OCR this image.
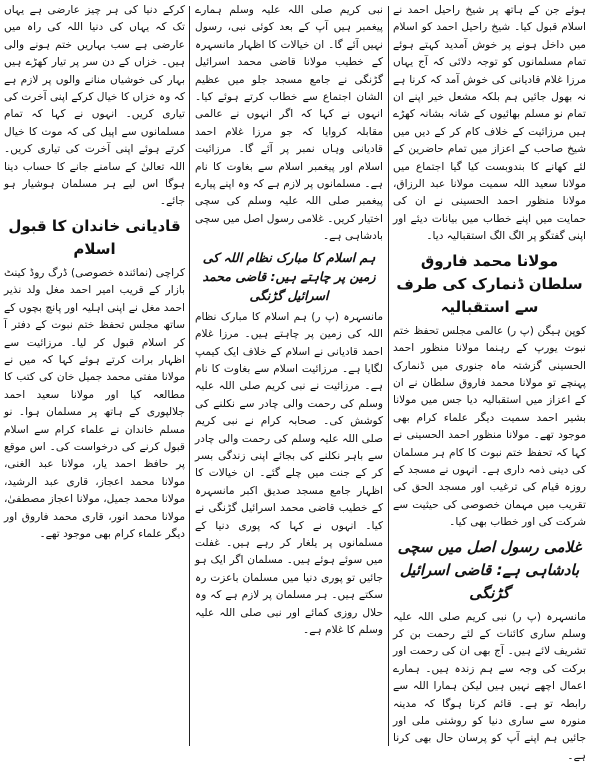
ہوئے جن کے ہاتھ پر شیخ راحیل احمد نے اسلام قبول کیا۔ شیخ راحیل احمد کو اسلام میں داخل ہونے پر خوش آمدید کہتے ہوئے تمام مسلمانوں کو توجہ دلائی کہ آج یہاں مرزا غلام قادیانی کی خوش آمد کہ کرنا ہے نہ بھول جائیں ہم بلکہ مشعل خیر اپنے ان تمام نو مسلم بھائیوں کے شانہ بشانہ کھڑے ہیں مرزائیت کے خلاف کام کر کے دیں میں شیخ صاحب کے اعزاز میں تمام حاضرین کے لئے کھانے کا بندوبست کیا گیا اجتماع میں مولانا سعید اللہ سمیت مولانا عبد الرزاق، مولانا منظور احمد الحسینی نے ان کی حمایت میں اپنے خطاب میں بیانات دیئے اور اپنی گفتگو پر الگ الگ استقبالیہ دیا۔

مولانا محمد فاروق سلطان ڈنمارک کی طرف سے استقبالیہ

کوپن ہیگن (پ ر) عالمی مجلس تحفظ ختم نبوت یورپ کے رہنما مولانا منظور احمد الحسینی گزشتہ ماہ جنوری میں ڈنمارک پہنچے تو مولانا محمد فاروق سلطان نے ان کے اعزاز میں استقبالیہ دیا جس میں مولانا بشیر احمد سمیت دیگر علماء کرام بھی موجود تھے۔ مولانا منظور احمد الحسینی نے کہا کہ تحفظ ختم نبوت کا کام ہر مسلمان کی دینی ذمہ داری ہے۔ انہوں نے مسجد کے روزہ قیام کی ترغیب اور مسجد الحق کی تقریب میں مہمان خصوصی کی حیثیت سے شرکت کی اور خطاب بھی کیا۔

غلامی رسول اصل میں سچی بادشاہی ہے: قاضی اسرائیل گڑنگی

مانسہرہ (پ ر) نبی کریم صلی اللہ علیہ وسلم ساری کائنات کے لئے رحمت بن کر تشریف لائے ہیں۔ آج بھی ان کی رحمت اور برکت کی وجہ سے ہم زندہ ہیں۔ ہمارے اعمال اچھے نہیں ہیں لیکن ہمارا اللہ سے رابطہ تو ہے۔ قائم کرنا ہوگا کہ مدینہ منورہ سے ساری دنیا کو روشنی ملی اور جائیں ہم اپنے آپ کو پرسان حال بھی کرنا ہے۔

نبی کریم صلی اللہ علیہ وسلم ہمارے پیغمبر ہیں آپ کے بعد کوئی نبی، رسول نہیں آئے گا۔ ان خیالات کا اظہار مانسہرہ کے خطیب مولانا قاضی محمد اسرائیل گڑنگی نے جامع مسجد جلو میں عظیم الشان اجتماع سے خطاب کرتے ہوئے کیا۔ انہوں نے کہا کہ اگر انہوں نے عالمی مقابلہ کروایا کہ جو مرزا غلام احمد قادیانی وہاں نمبر پر آئے گا۔ مرزائیت اسلام اور پیغمبر اسلام سے بغاوت کا نام ہے۔ مسلمانوں پر لازم ہے کہ وہ اپنے پیارے پیغمبر صلی اللہ علیہ وسلم کی سچی اختیار کریں۔ غلامی رسول اصل میں سچی بادشاہی ہے۔

ہم اسلام کا مبارک نظام اللہ کی زمین پر چاہتے ہیں: قاضی محمد اسرائیل گڑنگی

مانسہرہ (پ ر) ہم اسلام کا مبارک نظام اللہ کی زمین پر چاہتے ہیں۔ مرزا غلام احمد قادیانی نے اسلام کے خلاف ایک کیمپ لگایا ہے۔ مرزائیت اسلام سے بغاوت کا نام ہے۔ مرزائیت نے نبی کریم صلی اللہ علیہ وسلم کی رحمت والی چادر سے نکلنے کی کوشش کی۔ صحابہ کرام نے نبی کریم صلی اللہ علیہ وسلم کی رحمت والی چادر سے باہر نکلنے کی بجائے اپنی زندگی بسر کر کے جنت میں چلے گئے۔ ان خیالات کا اظہار جامع مسجد صدیق اکبر مانسہرہ کے خطیب قاضی محمد اسرائیل گڑنگی نے کیا۔ انہوں نے کہا کہ پوری دنیا کے مسلمانوں پر یلغار کر رہے ہیں۔ غفلت میں سوئے ہوئے ہیں۔ مسلمان اگر ایک ہو جائیں تو پوری دنیا میں مسلمان باعزت رہ سکتے ہیں۔ ہر مسلمان پر لازم ہے کہ وہ حلال روزی کمائے اور نبی صلی اللہ علیہ وسلم کا غلام ہے۔

کرکے دنیا کی ہر چیز عارضی ہے یہاں تک کہ یہاں کی دنیا اللہ کی راہ میں عارضی ہے سب بہاریں ختم ہونے والی ہیں۔ خزاں کے دن سر پر تیار کھڑے ہیں بہار کی خوشیاں منانے والوں پر لازم ہے کہ وہ خزاں کا خیال کرکے اپنی آخرت کی تیاری کریں۔ انہوں نے کہا کہ تمام مسلمانوں سے اپیل کی کہ موت کا خیال کرتے ہوئے اپنی آخرت کی تیاری کریں۔ اللہ تعالیٰ کے سامنے جانے کا حساب دینا ہوگا اس لیے ہر مسلمان ہوشیار ہو جائے۔

قادیانی خاندان کا قبول اسلام

کراچی (نمائندہ خصوصی) ڈرگ روڈ کینٹ بازار کے قریب امیر احمد مغل ولد نذیر احمد مغل نے اپنی اہلیہ اور پانچ بچوں کے ساتھ مجلس تحفظ ختم نبوت کے دفتر آ کر اسلام قبول کر لیا۔ مرزائیت سے اظہار برات کرتے ہوئے کہا کہ میں نے مولانا مفتی محمد جمیل خان کی کتب کا مطالعہ کیا اور مولانا سعید احمد جلالپوری کے ہاتھ پر مسلمان ہوا۔ نو مسلم خاندان نے علماء کرام سے اسلام قبول کرنے کی درخواست کی۔ اس موقع پر حافظ احمد یار، مولانا عبد الغنی، مولانا محمد اعجاز، قاری عبد الرشید، مولانا محمد جمیل، مولانا اعجاز مصطفیٰ، مولانا محمد انور، قاری محمد فاروق اور دیگر علماء کرام بھی موجود تھے۔
